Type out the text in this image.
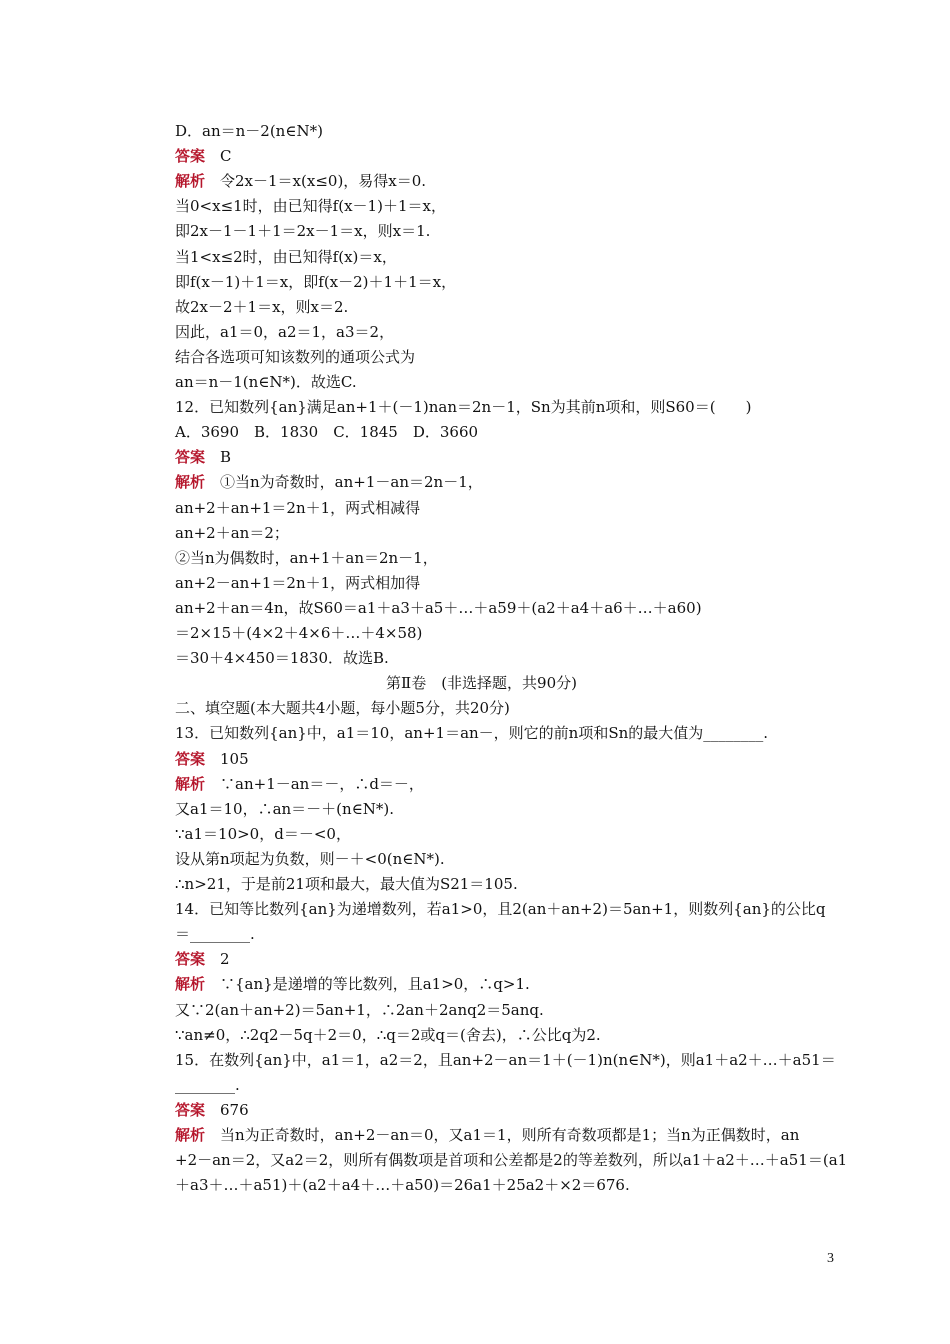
D．an＝n－2(n∈N*)

答案　C

解析　令2x－1＝x(x≤0)，易得x＝0.

当0<x≤1时，由已知得f(x－1)＋1＝x，

即2x－1－1＋1＝2x－1＝x，则x＝1.

当1<x≤2时，由已知得f(x)＝x，

即f(x－1)＋1＝x，即f(x－2)＋1＋1＝x，

故2x－2＋1＝x，则x＝2.

因此，a1＝0，a2＝1，a3＝2，

结合各选项可知该数列的通项公式为

an＝n－1(n∈N*)．故选C.

12．已知数列{an}满足an+1＋(－1)nan＝2n－1，Sn为其前n项和，则S60＝(　　)

A．3690　B．1830　C．1845　D．3660

答案　B

解析　①当n为奇数时，an+1－an＝2n－1，

an+2＋an+1＝2n＋1，两式相减得

an+2＋an＝2；

②当n为偶数时，an+1＋an＝2n－1，

an+2－an+1＝2n＋1，两式相加得

an+2＋an＝4n，故S60＝a1＋a3＋a5＋…＋a59＋(a2＋a4＋a6＋…＋a60)

＝2×15＋(4×2＋4×6＋…＋4×58)

＝30＋4×450＝1830．故选B.

第Ⅱ卷　(非选择题，共90分)

二、填空题(本大题共4小题，每小题5分，共20分)

13．已知数列{an}中，a1＝10，an+1＝an－，则它的前n项和Sn的最大值为________.

答案　105

解析　∵an+1－an＝－，∴d＝－，

又a1＝10，∴an＝－＋(n∈N*).

∵a1＝10>0，d＝－<0，

设从第n项起为负数，则－＋<0(n∈N*).

∴n>21，于是前21项和最大，最大值为S21＝105.

14．已知等比数列{an}为递增数列，若a1>0，且2(an＋an+2)＝5an+1，则数列{an}的公比q

＝________.

答案　2

解析　∵{an}是递增的等比数列，且a1>0，∴q>1.

又∵2(an＋an+2)＝5an+1，∴2an＋2anq2＝5anq.

∵an≠0，∴2q2－5q＋2＝0，∴q＝2或q＝(舍去)，∴公比q为2.

15．在数列{an}中，a1＝1，a2＝2，且an+2－an＝1＋(－1)n(n∈N*)，则a1＋a2＋…＋a51＝

________.

答案　676

解析　当n为正奇数时，an+2－an＝0，又a1＝1，则所有奇数项都是1；当n为正偶数时，an

+2－an＝2，又a2＝2，则所有偶数项是首项和公差都是2的等差数列，所以a1＋a2＋…＋a51＝(a1

＋a3＋…＋a51)＋(a2＋a4＋…＋a50)＝26a1＋25a2＋×2＝676.

3
